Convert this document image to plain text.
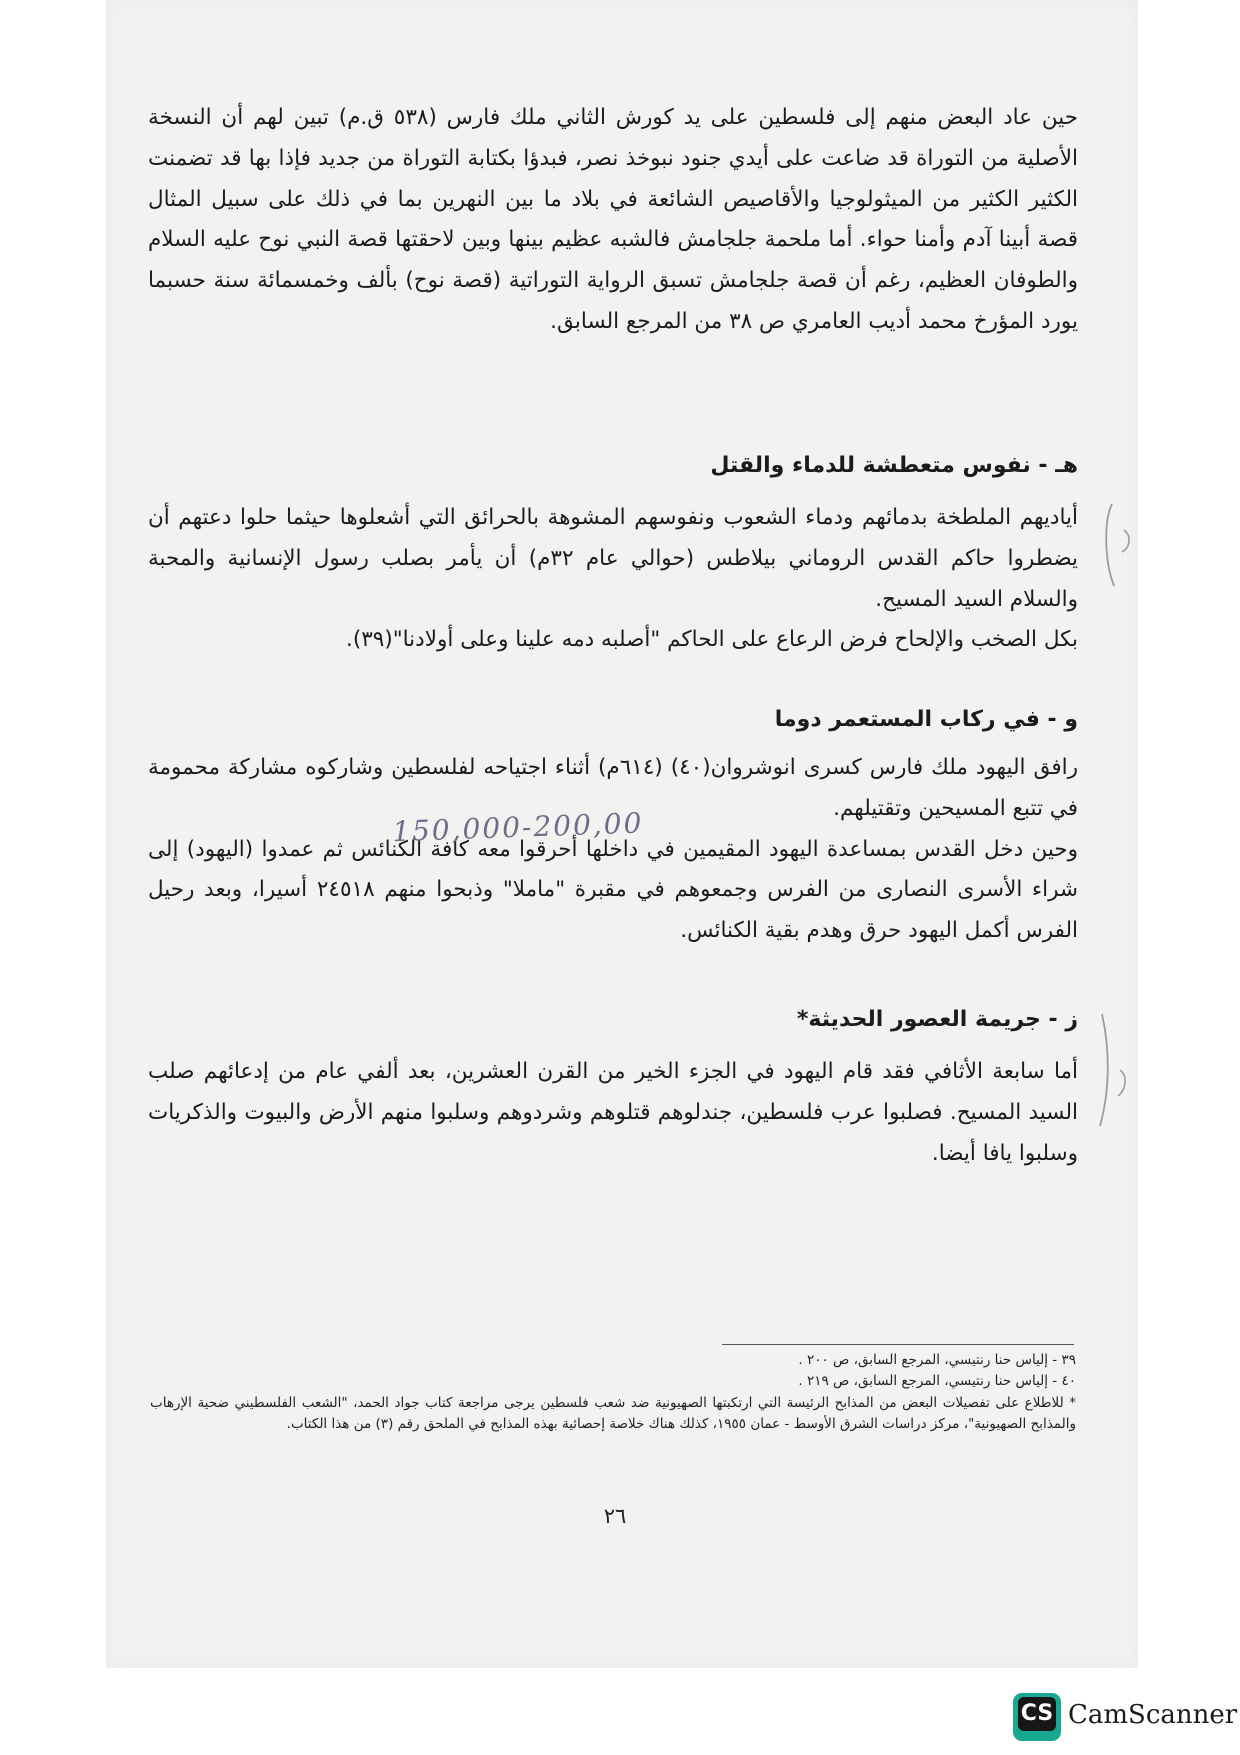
حين عاد البعض منهم إلى فلسطين على يد كورش الثاني ملك فارس (٥٣٨ ق.م) تبين لهم أن النسخة الأصلية من التوراة قد ضاعت على أيدي جنود نبوخذ نصر، فبدؤا بكتابة التوراة من جديد فإذا بها قد تضمنت الكثير الكثير من الميثولوجيا والأقاصيص الشائعة في بلاد ما بين النهرين بما في ذلك على سبيل المثال قصة أبينا آدم وأمنا حواء. أما ملحمة جلجامش فالشبه عظيم بينها وبين لاحقتها قصة النبي نوح عليه السلام والطوفان العظيم، رغم أن قصة جلجامش تسبق الرواية التوراتية (قصة نوح) بألف وخمسمائة سنة حسبما يورد المؤرخ محمد أديب العامري ص ٣٨ من المرجع السابق.

هـ - نفوس متعطشة للدماء والقتل

أياديهم الملطخة بدمائهم ودماء الشعوب ونفوسهم المشوهة بالحرائق التي أشعلوها حيثما حلوا دعتهم أن يضطروا حاكم القدس الروماني بيلاطس (حوالي عام ٣٢م) أن يأمر بصلب رسول الإنسانية والمحبة والسلام السيد المسيح.

بكل الصخب والإلحاح فرض الرعاع على الحاكم "أصلبه دمه علينا وعلى أولادنا"(٣٩).

و - في ركاب المستعمر دوما

رافق اليهود ملك فارس كسرى انوشروان(٤٠) (٦١٤م) أثناء اجتياحه لفلسطين وشاركوه مشاركة محمومة في تتبع المسيحين وتقتيلهم.

وحين دخل القدس بمساعدة اليهود المقيمين في داخلها أحرقوا معه كافة الكنائس ثم عمدوا (اليهود) إلى شراء الأسرى النصارى من الفرس وجمعوهم في مقبرة "ماملا" وذبحوا منهم ٢٤٥١٨ أسيرا، وبعد رحيل الفرس أكمل اليهود حرق وهدم بقية الكنائس.

ز - جريمة العصور الحديثة*

أما سابعة الأثافي فقد قام اليهود في الجزء الخير من القرن العشرين، بعد ألفي عام من إدعائهم صلب السيد المسيح. فصلبوا عرب فلسطين، جندلوهم قتلوهم وشردوهم وسلبوا منهم الأرض والبيوت والذكريات وسلبوا يافا أيضا.

150,000-200,00

٣٩ - إلياس حنا رنتيسي، المرجع السابق، ص ٢٠٠ .

٤٠ - إلياس حنا رنتيسي، المرجع السابق، ص ٢١٩ .

* للاطلاع على تفصيلات البعض من المذابح الرئيسة التي ارتكبتها الصهيونية ضد شعب فلسطين يرجى مراجعة كتاب جواد الحمد، "الشعب الفلسطيني ضحية الإرهاب والمذابح الصهيونية"، مركز دراسات الشرق الأوسط - عمان ١٩٥٥، كذلك هناك خلاصة إحصائية بهذه المذابح في الملحق رقم (٣) من هذا الكتاب.

٢٦
CS CamScanner
